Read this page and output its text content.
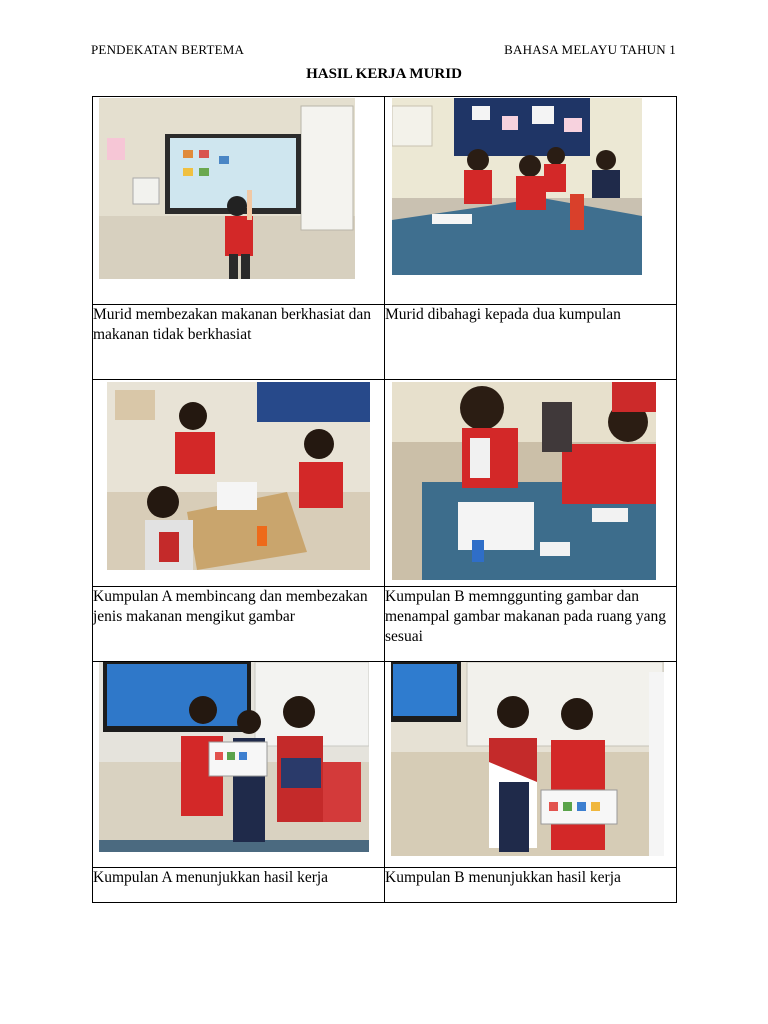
PENDEKATAN BERTEMA	BAHASA MELAYU TAHUN 1
HASIL KERJA MURID

Murid membezakan makanan berkhasiat dan makanan tidak berkhasiat	Murid dibahagi kepada dua kumpulan

Kumpulan A membincang dan membezakan jenis makanan mengikut gambar	Kumpulan B memnggunting gambar dan menampal gambar makanan pada ruang yang sesuai

Kumpulan A menunjukkan hasil kerja	Kumpulan B menunjukkan hasil kerja
